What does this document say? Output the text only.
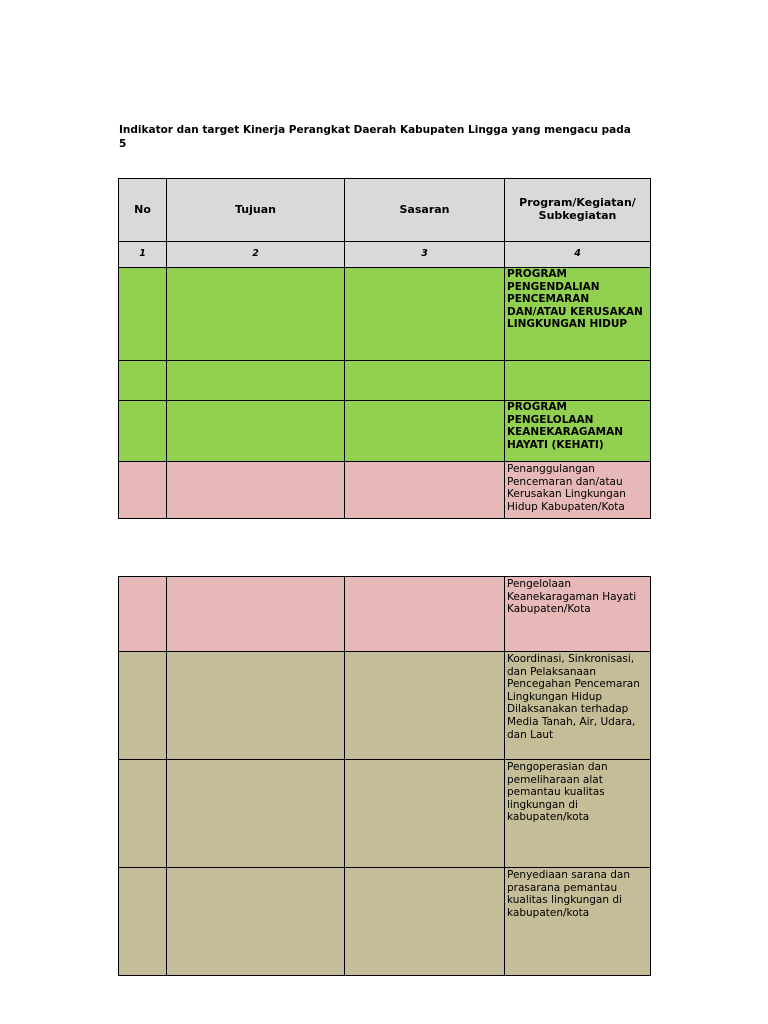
Indikator dan target Kinerja Perangkat Daerah Kabupaten Lingga yang mengacu pada
5
No	Tujuan	Sasaran	Program/Kegiatan/ Subkegiatan
1	2	3	4
			PROGRAM PENGENDALIAN PENCEMARAN DAN/ATAU KERUSAKAN LINGKUNGAN HIDUP

			PROGRAM PENGELOLAAN KEANEKARAGAMAN HAYATI (KEHATI)
			Penanggulangan Pencemaran dan/atau Kerusakan Lingkungan Hidup Kabupaten/Kota
			Pengelolaan Keanekaragaman Hayati Kabupaten/Kota
			Koordinasi, Sinkronisasi, dan Pelaksanaan Pencegahan Pencemaran Lingkungan Hidup Dilaksanakan terhadap Media Tanah, Air, Udara, dan Laut
			Pengoperasian dan pemeliharaan alat pemantau kualitas lingkungan di kabupaten/kota
			Penyediaan sarana dan prasarana pemantau kualitas lingkungan di kabupaten/kota
